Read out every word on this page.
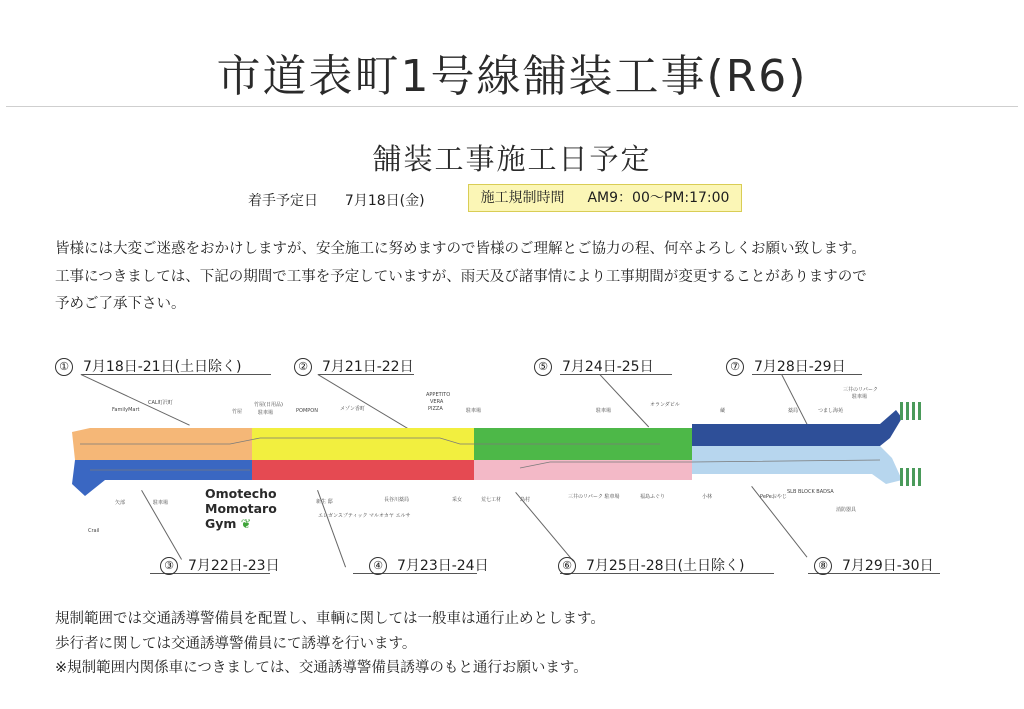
市道表町1号線舗装工事(R6)
舗装工事施工日予定
着手予定日 7月18日(金)	施工規制時間 AM9：00～PM:17:00
皆様には大変ご迷惑をおかけしますが、安全施工に努めますので皆様のご理解とご協力の程、何卒よろしくお願い致します。
工事につきましては、下記の期間で工事を予定していますが、雨天及び諸事情により工事期間が変更することがありますので
予めご了承下さい。
① 7月18日-21日(土日除く)	② 7月21日-22日	⑤ 7月24日-25日	⑦ 7月28日-29日
FamilyMart
CAL町沢町
竹屋
竹屋(日用品)
駐車場	POMPON	メゾン香町
APPETITO
VERA
PIZZA	駐車場	駐車場
オランダビル
蔵	薬局	つまし海苑
三井のリパーク
駐車場
Crail
矢部	駐車場	新生 邸	長谷川薬局	采女	荒七工材	島村	三井のリパーク 駐車場	福島ふぐり	小林	PePeおやじ
SLB BLOCK BADSA
消防器具
エレガンスブティック マルオカヤ エルサ
Omotecho
Momotaro
Gym ❦
③ 7月22日-23日	④ 7月23日-24日	⑥ 7月25日-28日(土日除く)	⑧ 7月29日-30日
規制範囲では交通誘導警備員を配置し、車輌に関しては一般車は通行止めとします。
歩行者に関しては交通誘導警備員にて誘導を行います。
※規制範囲内関係車につきましては、交通誘導警備員誘導のもと通行お願います。
